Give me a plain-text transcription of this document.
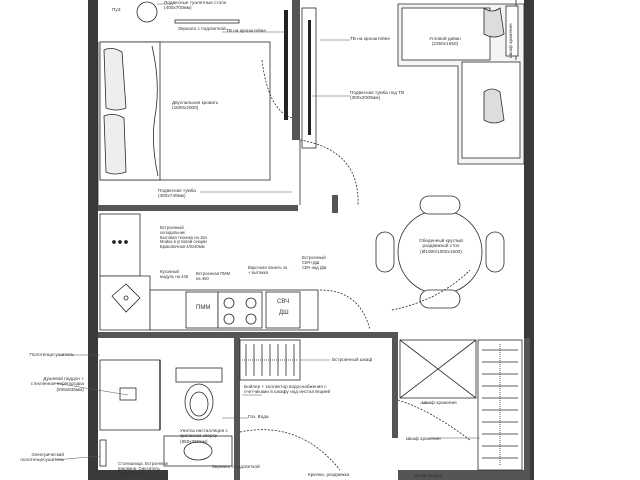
ПуЗ
Подвесные туалетные столе
(400х700мм)
Зеркало с подсветкой ТВ на кронштейне
ТВ на кронштейне	Угловой диван
(2350х1650)
Двуспальная кровать
(1800х2000)
Подвесная тумба под ТВ
(300х2000мм)
Подвесная тумба
(400х740мм)
Встроенный
холодильник
Бытовая техника на 16А
Мойка в угловой секции
Браковочная 4/0х40мм
Кухонный
модуль на 445
Встроенная ПММ
на 450
Варочная панель эл.
+ вытяжка
Встроенный
СВЧ+ДШ
СВЧ над ДШ
Обеденный круглый
раздвижной стол
(Ø1000/1000х1500)
ПММ
СВЧ
ДШ
Встроенный шкаф
Шкаф хранения
Шкаф хранения
Полотенцесушитель
Душевой поддон +
стеклянная перегородка
(935х935мм)
Бойлер + коллектор водоснабжения с
счетчиками в шкафу над инсталляцией
Газ. Вода
Унитаз инсталляция с
крепежом сверху
(850х350мм)
Столешница. Встроенная
раковина. Смеситель
с подсветкой
Электрический
полотенцесушитель
Зеркало с подсветкой
Крючки, раздвижка	Шкаф вещей
Шкаф хранения
